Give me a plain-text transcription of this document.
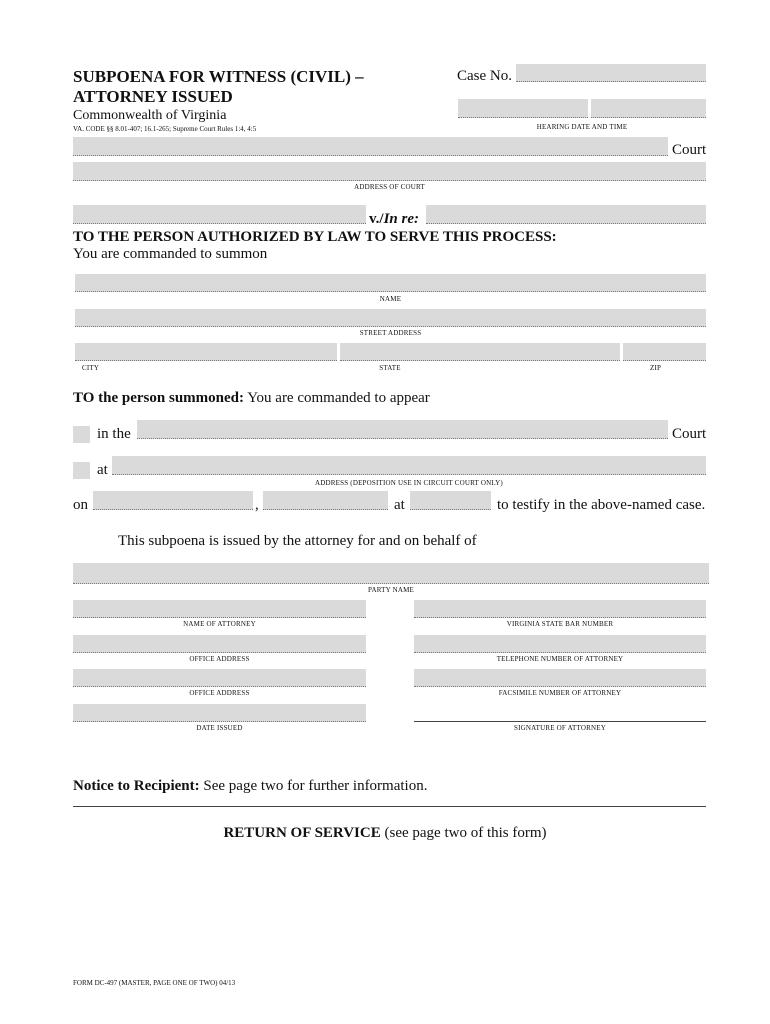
SUBPOENA FOR WITNESS (CIVIL) –
ATTORNEY ISSUED
Commonwealth of Virginia
VA. CODE §§ 8.01-407; 16.1-265; Supreme Court Rules 1:4, 4:5
Case No.
HEARING DATE AND TIME
Court
ADDRESS OF COURT
v./In re:
TO THE PERSON AUTHORIZED BY LAW TO SERVE THIS PROCESS:
You are commanded to summon
NAME
STREET ADDRESS
CITY	STATE	ZIP
TO the person summoned: You are commanded to appear
in the	Court
at
ADDRESS (DEPOSITION USE IN CIRCUIT COURT ONLY)
on	,	at	to testify in the above-named case.
This subpoena is issued by the attorney for and on behalf of
PARTY NAME
NAME OF ATTORNEY	VIRGINIA STATE BAR NUMBER
OFFICE ADDRESS	TELEPHONE NUMBER OF ATTORNEY
OFFICE ADDRESS	FACSIMILE NUMBER OF ATTORNEY
DATE ISSUED	SIGNATURE OF ATTORNEY
Notice to Recipient: See page two for further information.
RETURN OF SERVICE (see page two of this form)
FORM DC-497 (MASTER, PAGE ONE OF TWO) 04/13
